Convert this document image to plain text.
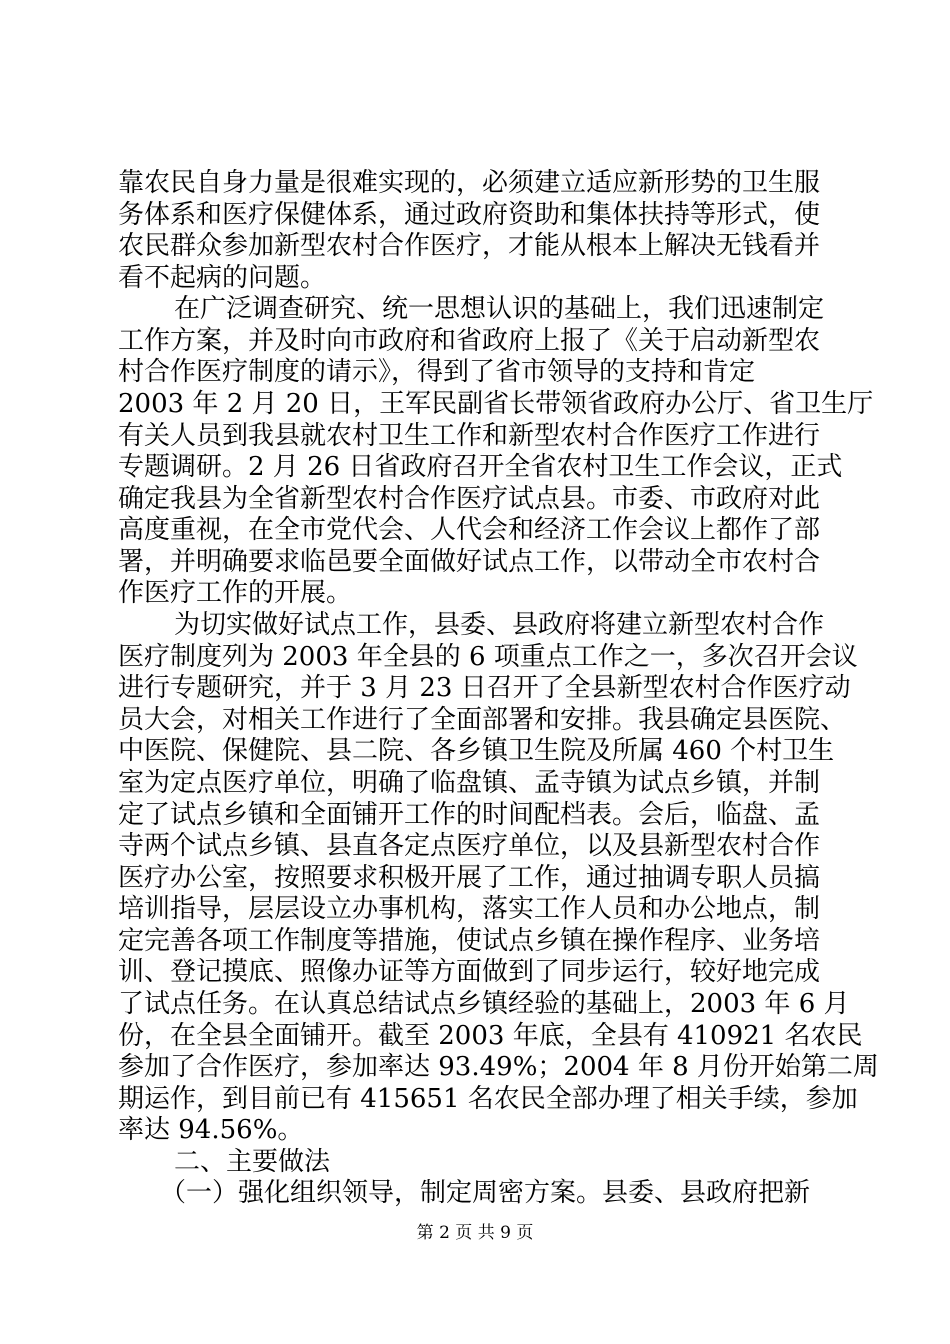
靠农民自身力量是很难实现的，必须建立适应新形势的卫生服
务体系和医疗保健体系，通过政府资助和集体扶持等形式，使
农民群众参加新型农村合作医疗，才能从根本上解决无钱看并
看不起病的问题。
在广泛调查研究、统一思想认识的基础上，我们迅速制定
工作方案，并及时向市政府和省政府上报了《关于启动新型农
村合作医疗制度的请示》，得到了省市领导的支持和肯定
2003 年 2 月 20 日，王军民副省长带领省政府办公厅、省卫生厅
有关人员到我县就农村卫生工作和新型农村合作医疗工作进行
专题调研。2 月 26 日省政府召开全省农村卫生工作会议，正式
确定我县为全省新型农村合作医疗试点县。市委、市政府对此
高度重视，在全市党代会、人代会和经济工作会议上都作了部
署，并明确要求临邑要全面做好试点工作，以带动全市农村合
作医疗工作的开展。
为切实做好试点工作，县委、县政府将建立新型农村合作
医疗制度列为 2003 年全县的 6 项重点工作之一，多次召开会议
进行专题研究，并于 3 月 23 日召开了全县新型农村合作医疗动
员大会，对相关工作进行了全面部署和安排。我县确定县医院、
中医院、保健院、县二院、各乡镇卫生院及所属 460 个村卫生
室为定点医疗单位，明确了临盘镇、孟寺镇为试点乡镇，并制
定了试点乡镇和全面铺开工作的时间配档表。会后，临盘、孟
寺两个试点乡镇、县直各定点医疗单位，以及县新型农村合作
医疗办公室，按照要求积极开展了工作，通过抽调专职人员搞
培训指导，层层设立办事机构，落实工作人员和办公地点，制
定完善各项工作制度等措施，使试点乡镇在操作程序、业务培
训、登记摸底、照像办证等方面做到了同步运行，较好地完成
了试点任务。在认真总结试点乡镇经验的基础上，2003 年 6 月
份，在全县全面铺开。截至 2003 年底，全县有 410921 名农民
参加了合作医疗，参加率达 93.49%；2004 年 8 月份开始第二周
期运作，到目前已有 415651 名农民全部办理了相关手续，参加
率达 94.56%。
二、主要做法
（一）强化组织领导，制定周密方案。县委、县政府把新
第 2 页 共 9 页
